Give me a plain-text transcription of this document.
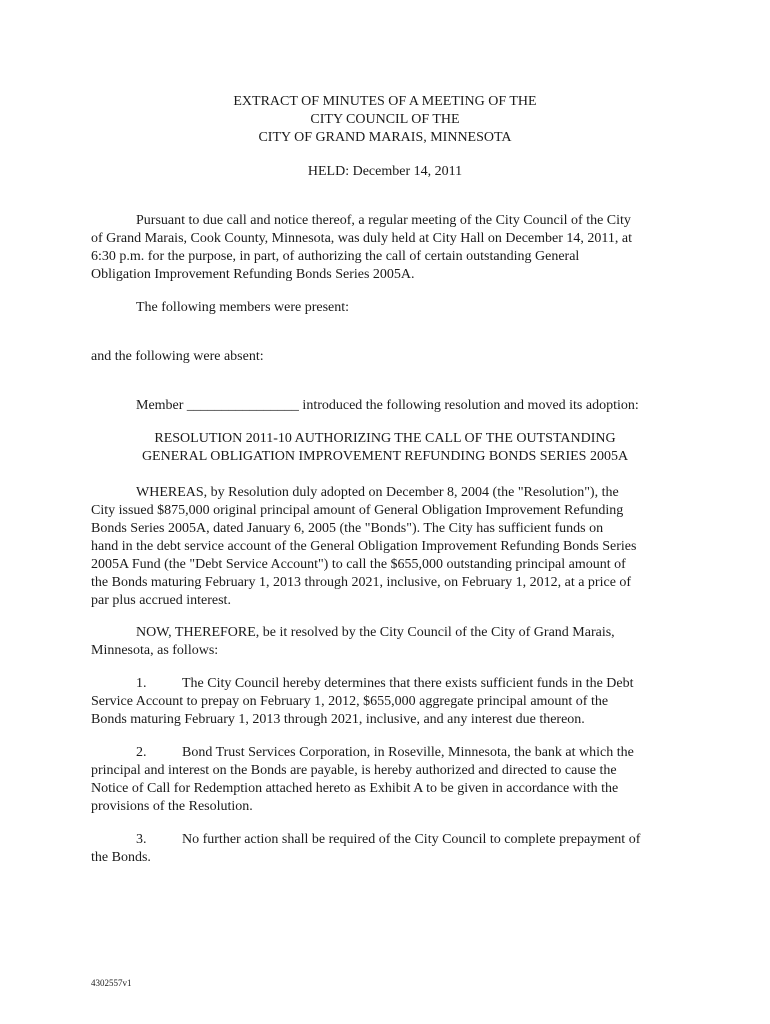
EXTRACT OF MINUTES OF A MEETING OF THE
CITY COUNCIL OF THE
CITY OF GRAND MARAIS, MINNESOTA
HELD: December 14, 2011
Pursuant to due call and notice thereof, a regular meeting of the City Council of the City
of Grand Marais, Cook County, Minnesota, was duly held at City Hall on December 14, 2011, at
6:30 p.m. for the purpose, in part, of authorizing the call of certain outstanding General
Obligation Improvement Refunding Bonds Series 2005A.
The following members were present:
and the following were absent:
Member ________________ introduced the following resolution and moved its adoption:
RESOLUTION 2011-10 AUTHORIZING THE CALL OF THE OUTSTANDING
GENERAL OBLIGATION IMPROVEMENT REFUNDING BONDS SERIES 2005A
WHEREAS, by Resolution duly adopted on December 8, 2004 (the "Resolution"), the
City issued $875,000 original principal amount of General Obligation Improvement Refunding
Bonds Series 2005A, dated January 6, 2005 (the "Bonds"). The City has sufficient funds on
hand in the debt service account of the General Obligation Improvement Refunding Bonds Series
2005A Fund (the "Debt Service Account") to call the $655,000 outstanding principal amount of
the Bonds maturing February 1, 2013 through 2021, inclusive, on February 1, 2012, at a price of
par plus accrued interest.
NOW, THEREFORE, be it resolved by the City Council of the City of Grand Marais,
Minnesota, as follows:
1.	The City Council hereby determines that there exists sufficient funds in the Debt
Service Account to prepay on February 1, 2012, $655,000 aggregate principal amount of the
Bonds maturing February 1, 2013 through 2021, inclusive, and any interest due thereon.
2.	Bond Trust Services Corporation, in Roseville, Minnesota, the bank at which the
principal and interest on the Bonds are payable, is hereby authorized and directed to cause the
Notice of Call for Redemption attached hereto as Exhibit A to be given in accordance with the
provisions of the Resolution.
3.	No further action shall be required of the City Council to complete prepayment of
the Bonds.
4302557v1
